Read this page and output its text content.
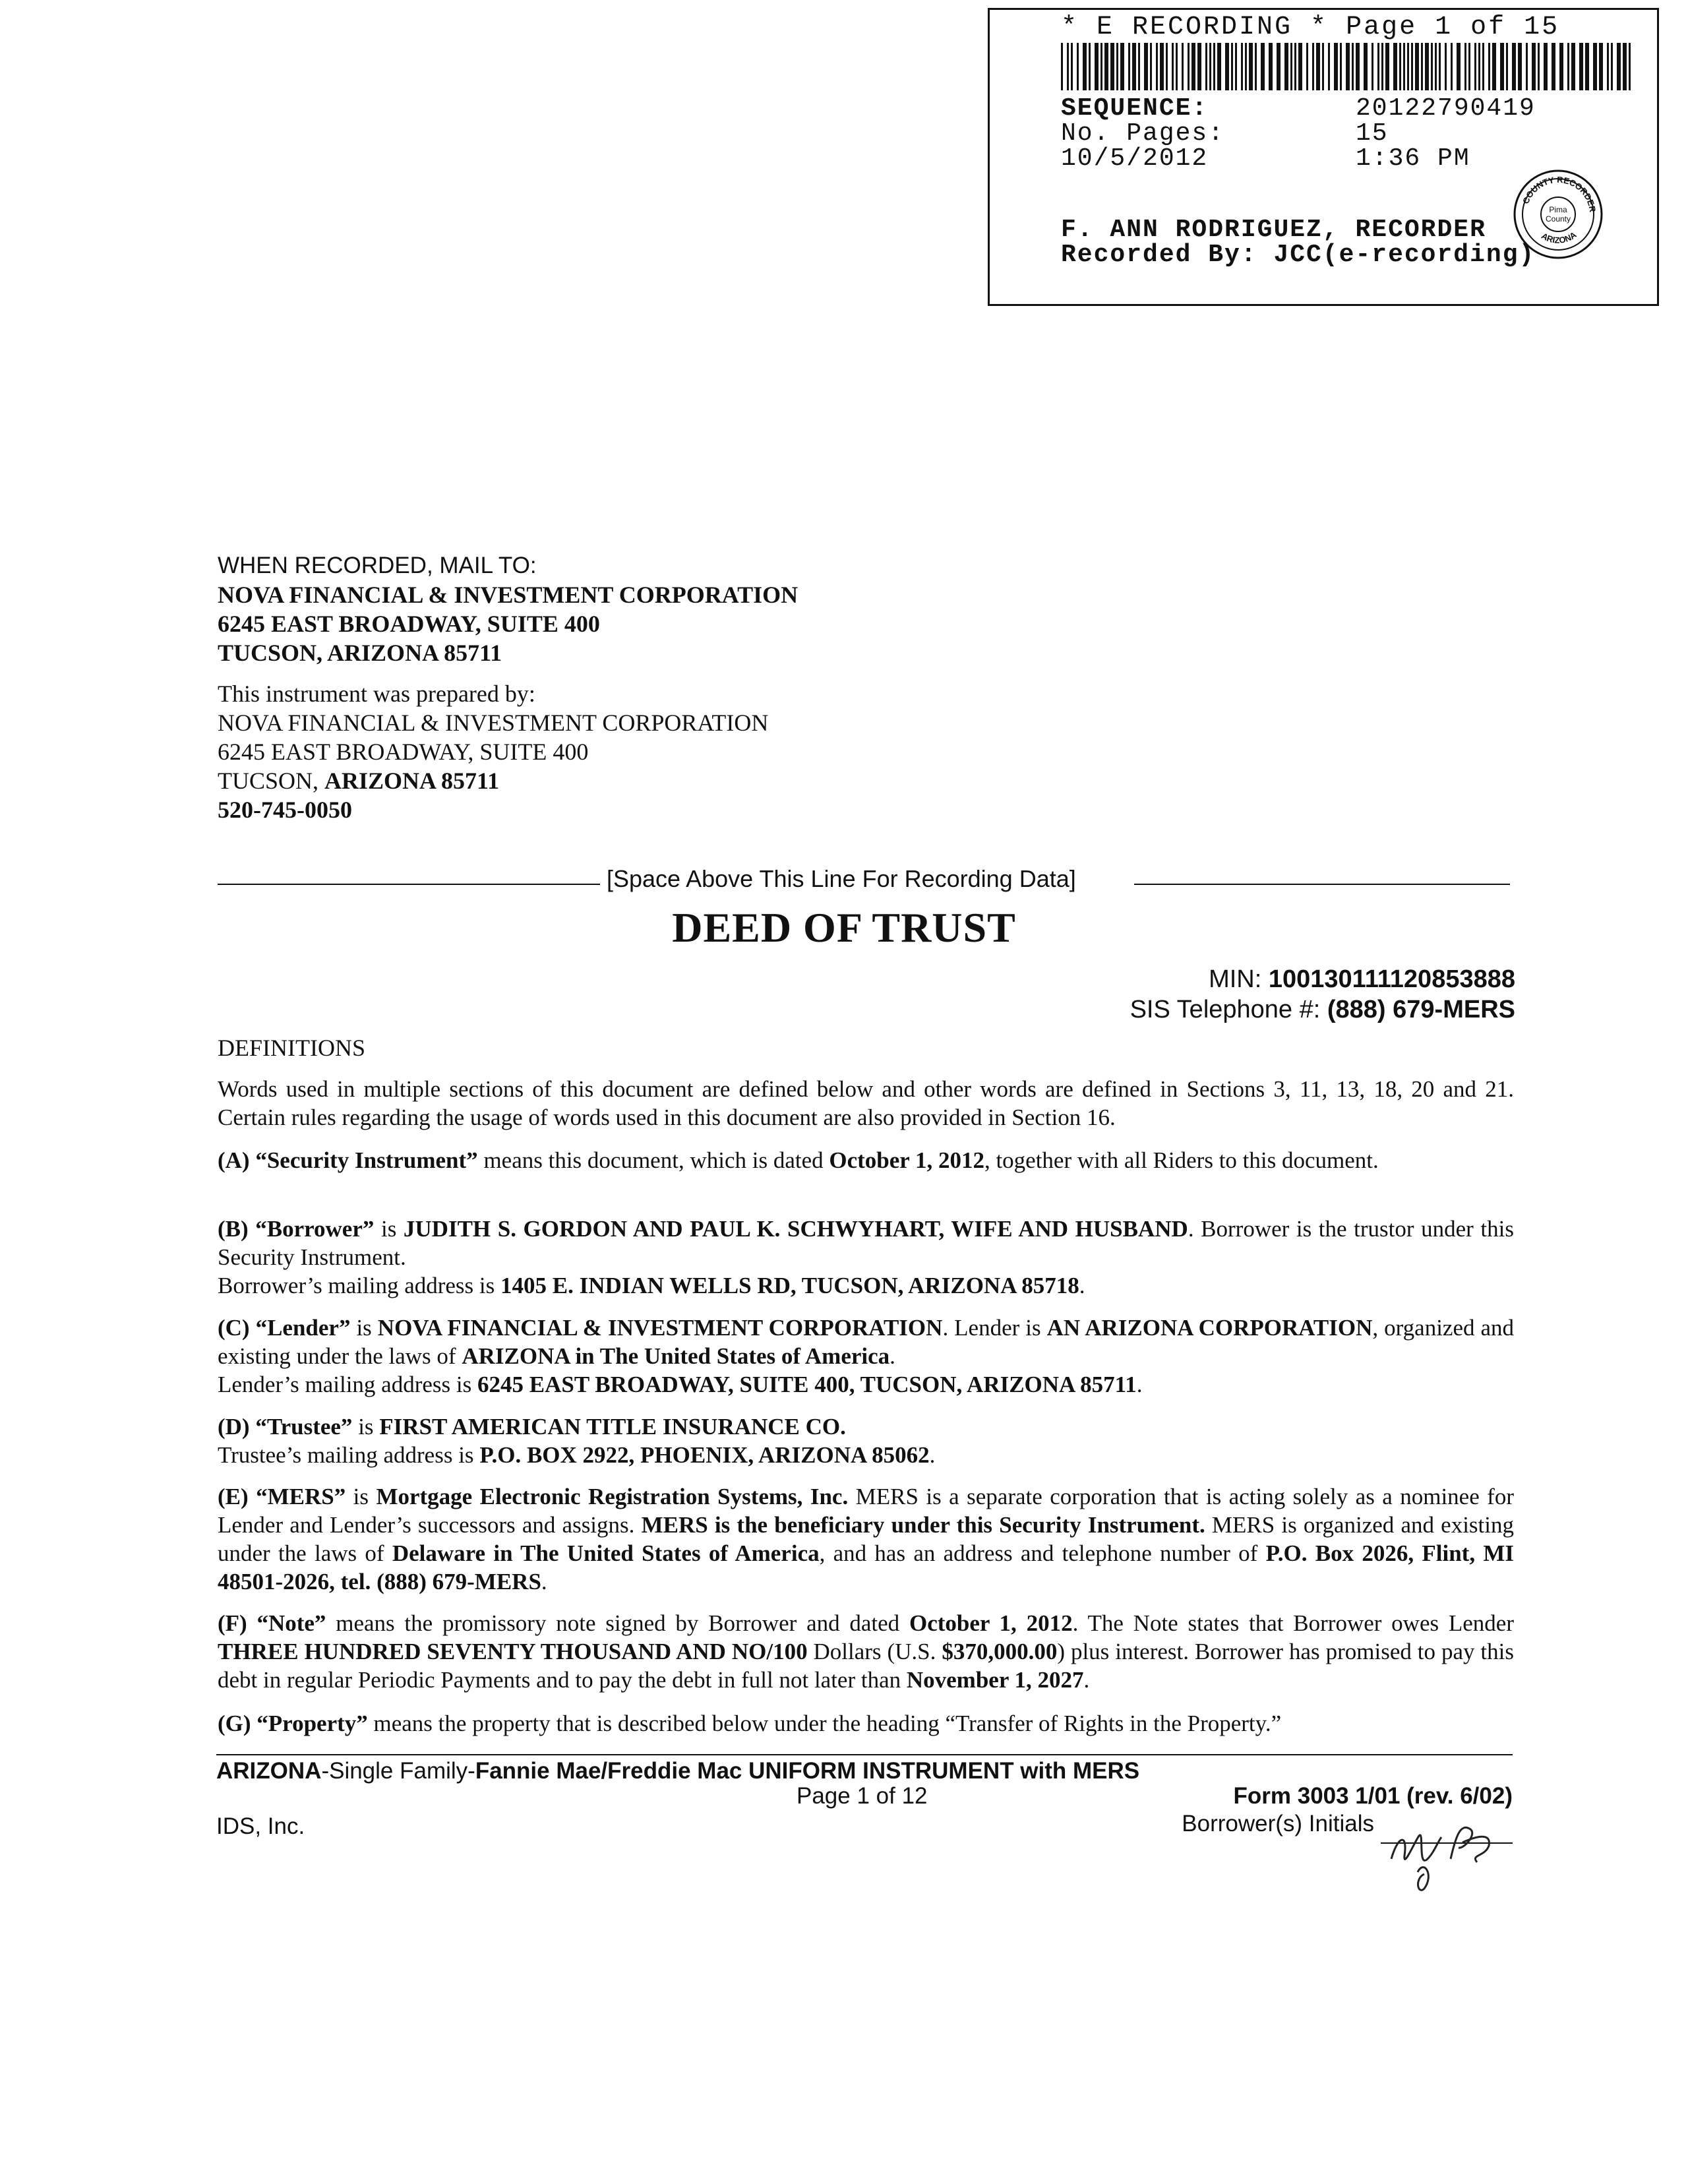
* E RECORDING * Page 1 of 15
SEQUENCE:	20122790419
No. Pages:	15
10/5/2012	1:36 PM
F. ANN RODRIGUEZ, RECORDER
Recorded By: JCC(e-recording)
COUNTY RECORDER
Pima
County
ARIZONA
WHEN RECORDED, MAIL TO:
NOVA FINANCIAL & INVESTMENT CORPORATION
6245 EAST BROADWAY, SUITE 400
TUCSON, ARIZONA 85711
This instrument was prepared by:
NOVA FINANCIAL & INVESTMENT CORPORATION
6245 EAST BROADWAY, SUITE 400
TUCSON, ARIZONA 85711
520-745-0050
[Space Above This Line For Recording Data]
DEED OF TRUST
MIN: 100130111120853888
SIS Telephone #: (888) 679-MERS
DEFINITIONS

Words used in multiple sections of this document are defined below and other words are defined in Sections 3, 11, 13, 18, 20 and 21. Certain rules regarding the usage of words used in this document are also provided in Section 16.

(A) “Security Instrument” means this document, which is dated October 1, 2012, together with all Riders to this document.

(B) “Borrower” is JUDITH S. GORDON AND PAUL K. SCHWYHART, WIFE AND HUSBAND. Borrower is the trustor under this Security Instrument.

Borrower’s mailing address is 1405 E. INDIAN WELLS RD, TUCSON, ARIZONA 85718.

(C) “Lender” is NOVA FINANCIAL & INVESTMENT CORPORATION. Lender is AN ARIZONA CORPORATION, organized and existing under the laws of ARIZONA in The United States of America.

Lender’s mailing address is 6245 EAST BROADWAY, SUITE 400, TUCSON, ARIZONA 85711.

(D) “Trustee” is FIRST AMERICAN TITLE INSURANCE CO.

Trustee’s mailing address is P.O. BOX 2922, PHOENIX, ARIZONA 85062.

(E) “MERS” is Mortgage Electronic Registration Systems, Inc. MERS is a separate corporation that is acting solely as a nominee for Lender and Lender’s successors and assigns. MERS is the beneficiary under this Security Instrument. MERS is organized and existing under the laws of Delaware in The United States of America, and has an address and telephone number of P.O. Box 2026, Flint, MI 48501-2026, tel. (888) 679-MERS.

(F) “Note” means the promissory note signed by Borrower and dated October 1, 2012. The Note states that Borrower owes Lender THREE HUNDRED SEVENTY THOUSAND AND NO/100 Dollars (U.S. $370,000.00) plus interest. Borrower has promised to pay this debt in regular Periodic Payments and to pay the debt in full not later than November 1, 2027.

(G) “Property” means the property that is described below under the heading “Transfer of Rights in the Property.”

ARIZONA-Single Family-Fannie Mae/Freddie Mac UNIFORM INSTRUMENT with MERS
Page 1 of 12	Form 3003 1/01 (rev. 6/02)
IDS, Inc.	Borrower(s) Initials
